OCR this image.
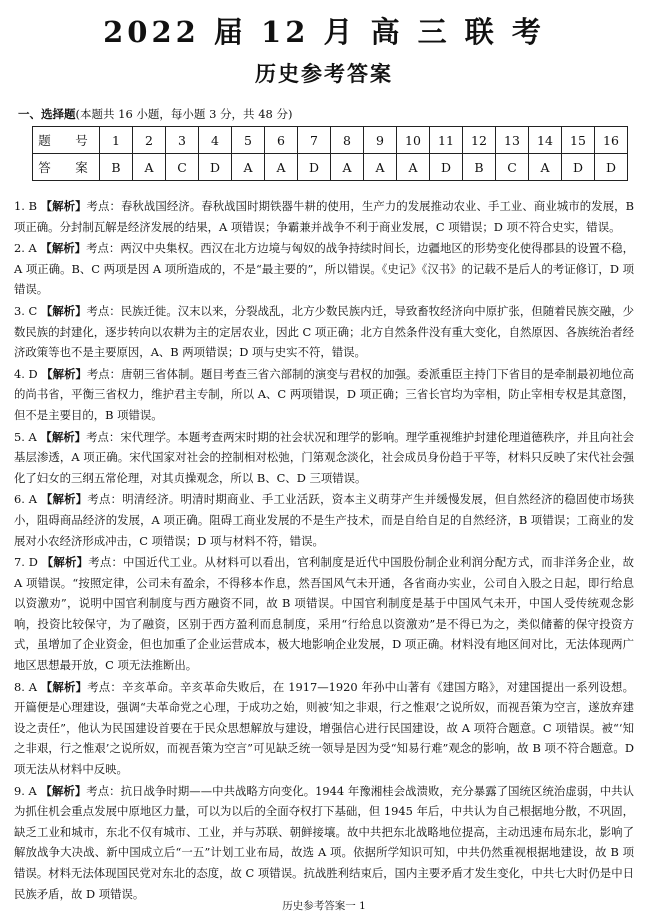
2022 届 12 月 高 三 联 考
历史参考答案
一、选择题(本题共 16 小题，每小题 3 分，共 48 分)
题　号	1	2	3	4	5	6	7	8	9	10	11	12	13	14	15	16
答　案	B	A	C	D	A	A	D	A	A	A	D	B	C	A	D	D
1. B 【解析】考点：春秋战国经济。春秋战国时期铁器牛耕的使用，生产力的发展推动农业、手工业、商业城市的发展，B 项正确。分封制瓦解是经济发展的结果，A 项错误；争霸兼并战争不利于商业发展，C 项错误；D 项不符合史实，错误。
2. A 【解析】考点：两汉中央集权。西汉在北方边境与匈奴的战争持续时间长，边疆地区的形势变化使得郡县的设置不稳，A 项正确。B、C 两项是因 A 项所造成的，不是“最主要的”，所以错误。《史记》《汉书》的记载不是后人的考证修订，D 项错误。
3. C 【解析】考点：民族迁徙。汉末以来，分裂战乱，北方少数民族内迁，导致畜牧经济向中原扩张，但随着民族交融，少数民族的封建化，逐步转向以农耕为主的定居农业，因此 C 项正确；北方自然条件没有重大变化，自然原因、各族统治者经济政策等也不是主要原因，A、B 两项错误；D 项与史实不符，错误。
4. D 【解析】考点：唐朝三省体制。题目考查三省六部制的演变与君权的加强。委派重臣主持门下省目的是牵制最初地位高的尚书省，平衡三省权力，维护君主专制，所以 A、C 两项错误，D 项正确；三省长官均为宰相，防止宰相专权是其意图，但不是主要目的，B 项错误。
5. A 【解析】考点：宋代理学。本题考查两宋时期的社会状况和理学的影响。理学重视维护封建伦理道德秩序，并且向社会基层渗透，A 项正确。宋代国家对社会的控制相对松弛，门第观念淡化，社会成员身份趋于平等，材料只反映了宋代社会强化了妇女的三纲五常伦理，对其贞操观念，所以 B、C、D 三项错误。
6. A 【解析】考点：明清经济。明清时期商业、手工业活跃，资本主义萌芽产生并缓慢发展，但自然经济的稳固使市场狭小，阻碍商品经济的发展，A 项正确。阻碍工商业发展的不是生产技术，而是自给自足的自然经济，B 项错误；工商业的发展对小农经济形成冲击，C 项错误；D 项与材料不符，错误。
7. D 【解析】考点：中国近代工业。从材料可以看出，官利制度是近代中国股份制企业利润分配方式，而非洋务企业，故 A 项错误。“按照定律，公司未有盈余，不得移本作息，然吾国风气未开通，各省商办实业，公司自入股之日起，即行给息以资激劝”，说明中国官利制度与西方融资不同，故 B 项错误。中国官利制度是基于中国风气未开，中国人受传统观念影响，投资比较保守，为了融资，区别于西方盈利而息制度，采用“行给息以资激劝”是不得已为之，类似储蓄的保守投资方式，虽增加了企业资金，但也加重了企业运营成本，极大地影响企业发展，D 项正确。材料没有地区间对比，无法体现两广地区思想最开放，C 项无法推断出。
8. A 【解析】考点：辛亥革命。辛亥革命失败后，在 1917—1920 年孙中山著有《建国方略》，对建国提出一系列设想。开篇便是心理建设，强调“夫革命党之心理，于成功之始，则被‘知之非艰，行之惟艰’之说所奴，而视吾策为空言，遂放弃建设之责任”，他认为民国建设首要在于民众思想解放与建设，增强信心进行民国建设，故 A 项符合题意。C 项错误。被“‘知之非艰，行之惟艰’之说所奴，而视吾策为空言”可见缺乏统一领导是因为受“知易行难”观念的影响，故 B 项不符合题意。D 项无法从材料中反映。
9. A 【解析】考点：抗日战争时期——中共战略方向变化。1944 年豫湘桂会战溃败，充分暴露了国统区统治虚弱，中共认为抓住机会重点发展中原地区力量，可以为以后的全面夺权打下基础，但 1945 年后，中共认为自己根据地分散，不巩固，缺乏工业和城市，东北不仅有城市、工业，并与苏联、朝鲜接壤。故中共把东北战略地位提高，主动迅速布局东北，影响了解放战争大决战、新中国成立后“一五”计划工业布局，故选 A 项。依据所学知识可知，中共仍然重视根据地建设，故 B 项错误。材料无法体现国民党对东北的态度，故 C 项错误。抗战胜利结束后，国内主要矛盾才发生变化，中共七大时仍是中日民族矛盾，故 D 项错误。
历史参考答案一 1
